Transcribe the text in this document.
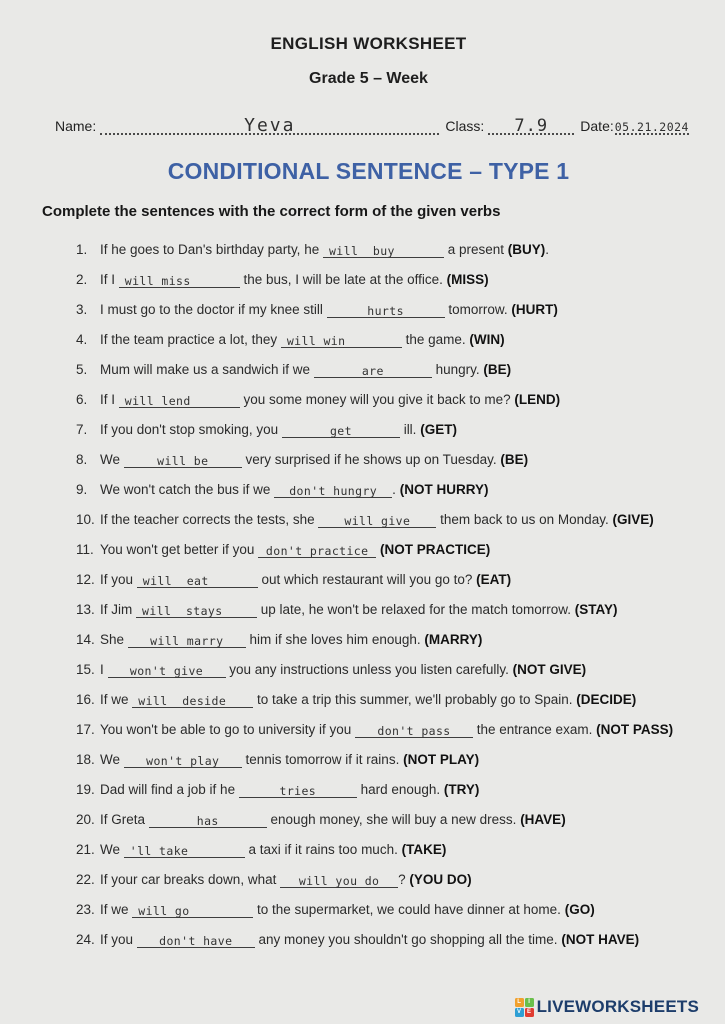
ENGLISH WORKSHEET
Grade 5 – Week
Name:	Yeva	Class:	7.9	Date: 05.21.2024
CONDITIONAL SENTENCE – TYPE 1
Complete the sentences with the correct form of the given verbs
1. If he goes to Dan's birthday party, he will  buy	a present (BUY).
2. If I will miss	the bus, I will be late at the office. (MISS)
3. I must go to the doctor if my knee still	hurts	tomorrow. (HURT)
4. If the team practice a lot, they will win	the game. (WIN)
5. Mum will make us a sandwich if we	are	hungry. (BE)
6. If I will lend	you some money will you give it back to me? (LEND)
7. If you don't stop smoking, you	get	ill. (GET)
8. We	will be very surprised if he shows up on Tuesday. (BE)
9. We won't catch the bus if we don't hungry . (NOT HURRY)
10. If the teacher corrects the tests, she will give them back to us on Monday. (GIVE)
11. You won't get better if you don't practice (NOT PRACTICE)
12. If you will  eat	out which restaurant will you go to? (EAT)
13. If Jim will  stays	up late, he won't be relaxed for the match tomorrow. (STAY)
14. She will marry him if she loves him enough. (MARRY)
15. I won't give you any instructions unless you listen carefully. (NOT GIVE)
16. If we will  deside to take a trip this summer, we'll probably go to Spain. (DECIDE)
17. You won't be able to go to university if you don't pass the entrance exam. (NOT PASS)
18. We won't play tennis tomorrow if it rains. (NOT PLAY)
19. Dad will find a job if he	tries	hard enough. (TRY)
20. If Greta	has	enough money, she will buy a new dress. (HAVE)
21. We 'll take	a taxi if it rains too much. (TAKE)
22. If your car breaks down, what will you do ? (YOU DO)
23. If we will go	to the supermarket, we could have dinner at home. (GO)
24. If you don't have any money you shouldn't go shopping all the time. (NOT HAVE)
L	I
V E LIVEWORKSHEETS
